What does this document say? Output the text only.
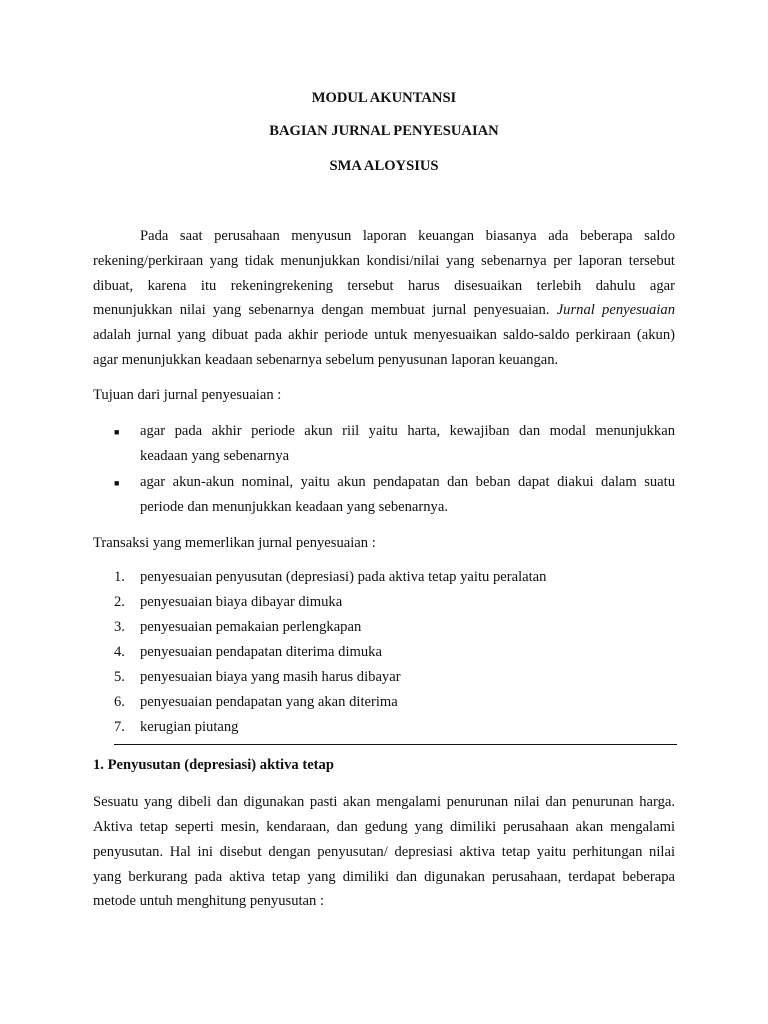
MODUL AKUNTANSI
BAGIAN JURNAL PENYESUAIAN
SMA ALOYSIUS
Pada saat perusahaan menyusun laporan keuangan biasanya ada beberapa saldo
rekening/perkiraan yang tidak menunjukkan kondisi/nilai yang sebenarnya per laporan tersebut
dibuat, karena itu rekeningrekening tersebut harus disesuaikan terlebih dahulu agar
menunjukkan nilai yang sebenarnya dengan membuat jurnal penyesuaian. Jurnal penyesuaian
adalah jurnal yang dibuat pada akhir periode untuk menyesuaikan saldo-saldo perkiraan (akun)
agar menunjukkan keadaan sebenarnya sebelum penyusunan laporan keuangan.
Tujuan dari jurnal penyesuaian :
■ agar pada akhir periode akun riil yaitu harta, kewajiban dan modal menunjukkan
keadaan yang sebenarnya
■ agar akun-akun nominal, yaitu akun pendapatan dan beban dapat diakui dalam suatu
periode dan menunjukkan keadaan yang sebenarnya.
Transaksi yang memerlikan jurnal penyesuaian :
1. penyesuaian penyusutan (depresiasi) pada aktiva tetap yaitu peralatan
2. penyesuaian biaya dibayar dimuka
3. penyesuaian pemakaian perlengkapan
4. penyesuaian pendapatan diterima dimuka
5. penyesuaian biaya yang masih harus dibayar
6. penyesuaian pendapatan yang akan diterima
7. kerugian piutang
1. Penyusutan (depresiasi) aktiva tetap
Sesuatu yang dibeli dan digunakan pasti akan mengalami penurunan nilai dan penurunan harga.
Aktiva tetap seperti mesin, kendaraan, dan gedung yang dimiliki perusahaan akan mengalami
penyusutan. Hal ini disebut dengan penyusutan/ depresiasi aktiva tetap yaitu perhitungan nilai
yang berkurang pada aktiva tetap yang dimiliki dan digunakan perusahaan, terdapat beberapa
metode untuh menghitung penyusutan :
